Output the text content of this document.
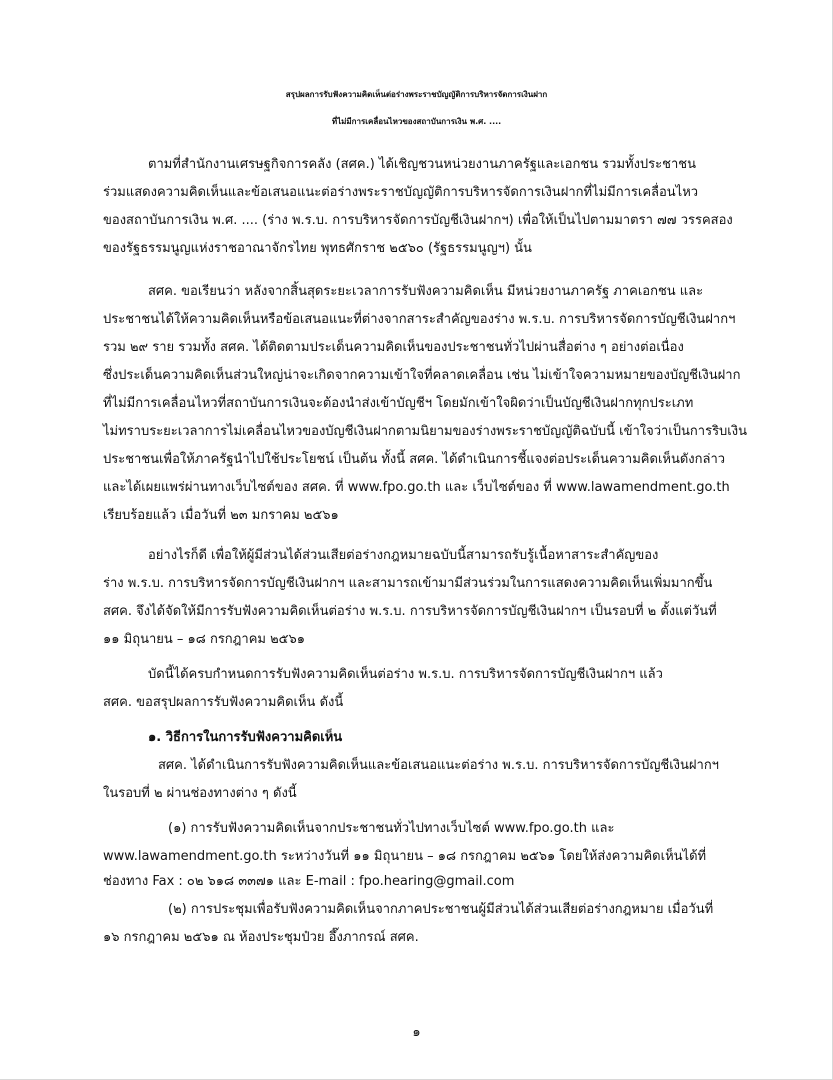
สรุปผลการรับฟังความคิดเห็นต่อร่างพระราชบัญญัติการบริหารจัดการเงินฝาก
ที่ไม่มีการเคลื่อนไหวของสถาบันการเงิน พ.ศ. ....
ตามที่สำนักงานเศรษฐกิจการคลัง (สศค.) ได้เชิญชวนหน่วยงานภาครัฐและเอกชน รวมทั้งประชาชน
ร่วมแสดงความคิดเห็นและข้อเสนอแนะต่อร่างพระราชบัญญัติการบริหารจัดการเงินฝากที่ไม่มีการเคลื่อนไหว
ของสถาบันการเงิน พ.ศ. .... (ร่าง พ.ร.บ. การบริหารจัดการบัญชีเงินฝากฯ) เพื่อให้เป็นไปตามมาตรา ๗๗ วรรคสอง
ของรัฐธรรมนูญแห่งราชอาณาจักรไทย พุทธศักราช ๒๕๖๐ (รัฐธรรมนูญฯ) นั้น
สศค. ขอเรียนว่า หลังจากสิ้นสุดระยะเวลาการรับฟังความคิดเห็น มีหน่วยงานภาครัฐ ภาคเอกชน และ
ประชาชนได้ให้ความคิดเห็นหรือข้อเสนอแนะที่ต่างจากสาระสำคัญของร่าง พ.ร.บ. การบริหารจัดการบัญชีเงินฝากฯ
รวม ๒๙ ราย รวมทั้ง สศค. ได้ติดตามประเด็นความคิดเห็นของประชาชนทั่วไปผ่านสื่อต่าง ๆ อย่างต่อเนื่อง
ซึ่งประเด็นความคิดเห็นส่วนใหญ่น่าจะเกิดจากความเข้าใจที่คลาดเคลื่อน เช่น ไม่เข้าใจความหมายของบัญชีเงินฝาก
ที่ไม่มีการเคลื่อนไหวที่สถาบันการเงินจะต้องนำส่งเข้าบัญชีฯ โดยมักเข้าใจผิดว่าเป็นบัญชีเงินฝากทุกประเภท
ไม่ทราบระยะเวลาการไม่เคลื่อนไหวของบัญชีเงินฝากตามนิยามของร่างพระราชบัญญัติฉบับนี้ เข้าใจว่าเป็นการริบเงิน
ประชาชนเพื่อให้ภาครัฐนำไปใช้ประโยชน์ เป็นต้น ทั้งนี้ สศค. ได้ดำเนินการชี้แจงต่อประเด็นความคิดเห็นดังกล่าว
และได้เผยแพร่ผ่านทางเว็บไซต์ของ สศค. ที่ www.fpo.go.th และ เว็บไซต์ของ ที่ www.lawamendment.go.th
เรียบร้อยแล้ว เมื่อวันที่ ๒๓ มกราคม ๒๕๖๑
อย่างไรก็ดี เพื่อให้ผู้มีส่วนได้ส่วนเสียต่อร่างกฎหมายฉบับนี้สามารถรับรู้เนื้อหาสาระสำคัญของ
ร่าง พ.ร.บ. การบริหารจัดการบัญชีเงินฝากฯ และสามารถเข้ามามีส่วนร่วมในการแสดงความคิดเห็นเพิ่มมากขึ้น
สศค. จึงได้จัดให้มีการรับฟังความคิดเห็นต่อร่าง พ.ร.บ. การบริหารจัดการบัญชีเงินฝากฯ เป็นรอบที่ ๒ ตั้งแต่วันที่
๑๑ มิถุนายน – ๑๘ กรกฎาคม ๒๕๖๑
บัดนี้ได้ครบกำหนดการรับฟังความคิดเห็นต่อร่าง พ.ร.บ. การบริหารจัดการบัญชีเงินฝากฯ แล้ว
สศค. ขอสรุปผลการรับฟังความคิดเห็น ดังนี้
๑. วิธีการในการรับฟังความคิดเห็น
สศค. ได้ดำเนินการรับฟังความคิดเห็นและข้อเสนอแนะต่อร่าง พ.ร.บ. การบริหารจัดการบัญชีเงินฝากฯ
ในรอบที่ ๒ ผ่านช่องทางต่าง ๆ ดังนี้
(๑) การรับฟังความคิดเห็นจากประชาชนทั่วไปทางเว็บไซต์ www.fpo.go.th และ
www.lawamendment.go.th ระหว่างวันที่ ๑๑ มิถุนายน – ๑๘ กรกฎาคม ๒๕๖๑ โดยให้ส่งความคิดเห็นได้ที่
ช่องทาง Fax : ๐๒ ๖๑๘ ๓๓๗๑ และ E-mail : fpo.hearing@gmail.com
(๒) การประชุมเพื่อรับฟังความคิดเห็นจากภาคประชาชนผู้มีส่วนได้ส่วนเสียต่อร่างกฎหมาย เมื่อวันที่
๑๖ กรกฎาคม ๒๕๖๑ ณ ห้องประชุมป๋วย อึ๊งภากรณ์ สศค.
๑
